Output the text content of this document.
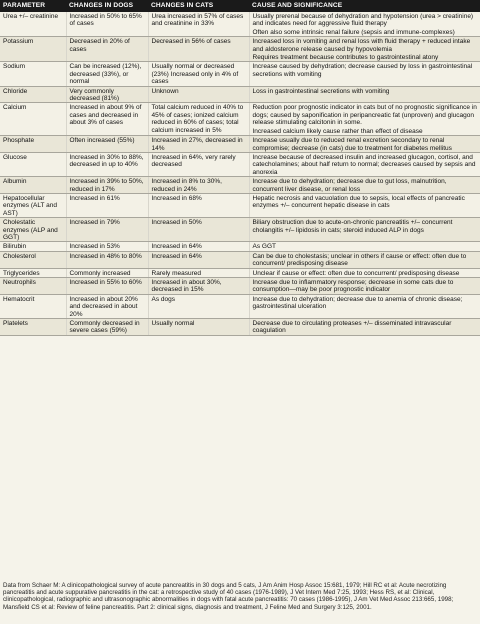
PARAMETER	CHANGES IN DOGS	CHANGES IN CATS	CAUSE AND SIGNIFICANCE
Urea +/– creatinine	Increased in 50% to 65% of cases	Urea increased in 57% of cases and creatinine in 33%	Usually prerenal because of dehydration and hypotension (urea > creatinine) and indicates need for aggressive fluid therapy
Often also some intrinsic renal failure (sepsis and immune-complexes)

Potassium	Decreased in 20% of cases	Decreased in 56% of cases	Increased loss in vomiting and renal loss with fluid therapy + reduced intake and aldosterone release caused by hypovolemia
Requires treatment because contributes to gastrointestinal atony

Sodium	Can be increased (12%), decreased (33%), or normal	Usually normal or decreased (23%) Increased only in 4% of cases	Increase caused by dehydration; decrease caused by loss in gastrointestinal secretions with vomiting

Chloride	Very commonly decreased (81%)	Unknown	Loss in gastrointestinal secretions with vomiting

Calcium	Increased in about 9% of cases and decreased in about 3% of cases	Total calcium reduced in 40% to 45% of cases; ionized calcium reduced in 60% of cases; total calcium increased in 5%	Reduction poor prognostic indicator in cats but of no prognostic significance in dogs; caused by saponification in peripancreatic fat (unproven) and glucagon release stimulating calcitonin in some.
Increased calcium likely cause rather than effect of disease

Phosphate	Often increased (55%)	Increased in 27%, decreased in 14%	Increase usually due to reduced renal excretion secondary to renal compromise; decrease (in cats) due to treatment for diabetes mellitus

Glucose	Increased in 30% to 88%, decreased in up to 40%	Increased in 64%, very rarely decreased	Increase because of decreased insulin and increased glucagon, cortisol, and catecholamines; about half return to normal; decreases caused by sepsis and anorexia

Albumin	Increased in 39% to 50%, reduced in 17%	Increased in 8% to 30%, reduced in 24%	Increase due to dehydration; decrease due to gut loss, malnutrition, concurrent liver disease, or renal loss

Hepatocellular enzymes (ALT and AST)	Increased in 61%	Increased in 68%	Hepatic necrosis and vacuolation due to sepsis, local effects of pancreatic enzymes +/– concurrent hepatic disease in cats

Cholestatic enzymes (ALP and GGT)	Increased in 79%	Increased in 50%	Biliary obstruction due to acute-on-chronic pancreatitis +/– concurrent cholangitis +/– lipidosis in cats; steroid induced ALP in dogs

Bilirubin	Increased in 53%	Increased in 64%	As GGT

Cholesterol	Increased in 48% to 80%	Increased in 64%	Can be due to cholestasis; unclear in others if cause or effect: often due to concurrent/ predisposing disease

Triglycerides	Commonly increased	Rarely measured	Unclear if cause or effect: often due to concurrent/ predisposing disease

Neutrophils	Increased in 55% to 60%	Increased in about 30%, decreased in 15%	Increase due to inflammatory response; decrease in some cats due to consumption—may be poor prognostic indicator

Hematocrit	Increased in about 20% and decreased in about 20%	As dogs	Increase due to dehydration; decrease due to anemia of chronic disease; gastrointestinal ulceration

Platelets	Commonly decreased in severe cases (59%)	Usually normal	Decrease due to circulating proteases +/– disseminated intravascular coagulation
Data from Schaer M: A clinicopathological survey of acute pancreatitis in 30 dogs and 5 cats, J Am Anim Hosp Assoc 15:681, 1979; Hill RC et al: Acute necrotizing pancreatitis and acute suppurative pancreatitis in the cat: a retrospective study of 40 cases (1976-1989), J Vet Intern Med 7:25, 1993; Hess RS, et al: Clinical, clinicopathological, radiographic and ultrasonographic abnormalities in dogs with fatal acute pancreatitis: 70 cases (1986-1995), J Am Vet Med Assoc 213:665, 1998; Mansfield CS et al: Review of feline pancreatitis. Part 2: clinical signs, diagnosis and treatment, J Feline Med and Surgery 3:125, 2001.
